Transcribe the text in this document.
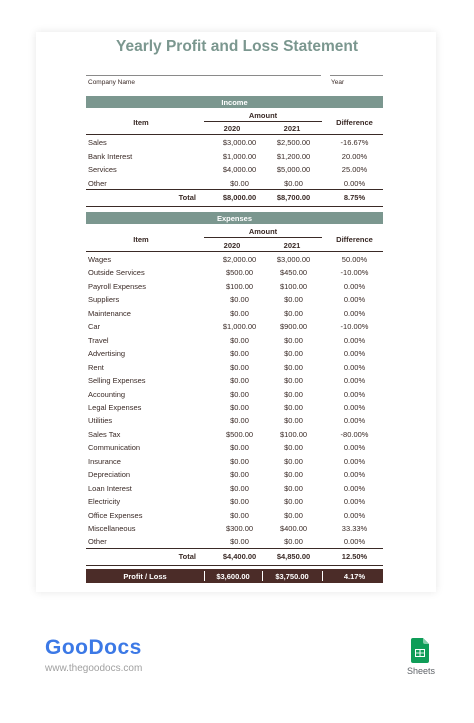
Yearly Profit and Loss Statement
Company Name	Year
Income
Item
Amount
2020	2021
Difference
Sales	$3,000.00	$2,500.00	-16.67%
Bank Interest	$1,000.00	$1,200.00	20.00%
Services	$4,000.00	$5,000.00	25.00%
Other	$0.00	$0.00	0.00%
Total	$8,000.00	$8,700.00	8.75%
Expenses
Item
Amount
2020	2021
Difference
Wages	$2,000.00	$3,000.00	50.00%
Outside Services	$500.00	$450.00	-10.00%
Payroll Expenses	$100.00	$100.00	0.00%
Suppliers	$0.00	$0.00	0.00%
Maintenance	$0.00	$0.00	0.00%
Car	$1,000.00	$900.00	-10.00%
Travel	$0.00	$0.00	0.00%
Advertising	$0.00	$0.00	0.00%
Rent	$0.00	$0.00	0.00%
Selling Expenses	$0.00	$0.00	0.00%
Accounting	$0.00	$0.00	0.00%
Legal Expenses	$0.00	$0.00	0.00%
Utilities	$0.00	$0.00	0.00%
Sales Tax	$500.00	$100.00	-80.00%
Communication	$0.00	$0.00	0.00%
Insurance	$0.00	$0.00	0.00%
Depreciation	$0.00	$0.00	0.00%
Loan Interest	$0.00	$0.00	0.00%
Electricity	$0.00	$0.00	0.00%
Office Expenses	$0.00	$0.00	0.00%
Miscellaneous	$300.00	$400.00	33.33%
Other	$0.00	$0.00	0.00%
Total	$4,400.00	$4,850.00	12.50%
Profit / Loss	$3,600.00	$3,750.00	4.17%
GooDocs
www.thegoodocs.com	Sheets
